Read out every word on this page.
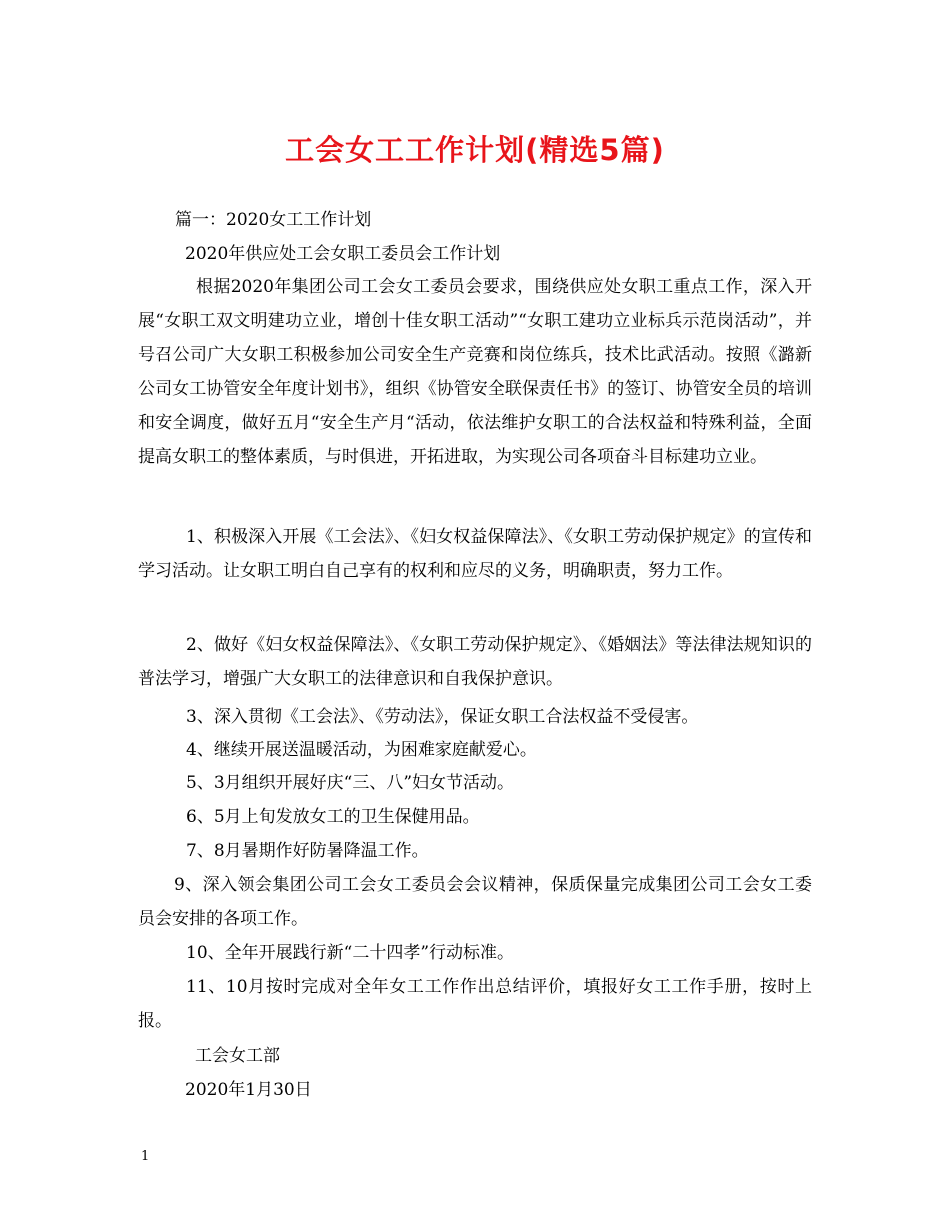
工会女工工作计划(精选5篇)
篇一：2020女工工作计划
2020年供应处工会女职工委员会工作计划
根据2020年集团公司工会女工委员会要求，围绕供应处女职工重点工作，深入开展“女职工双文明建功立业，增创十佳女职工活动”“女职工建功立业标兵示范岗活动”，并号召公司广大女职工积极参加公司安全生产竞赛和岗位练兵，技术比武活动。按照《潞新公司女工协管安全年度计划书》，组织《协管安全联保责任书》的签订、协管安全员的培训和安全调度，做好五月“安全生产月“活动，依法维护女职工的合法权益和特殊利益，全面提高女职工的整体素质，与时俱进，开拓进取，为实现公司各项奋斗目标建功立业。
1、积极深入开展《工会法》、《妇女权益保障法》、《女职工劳动保护规定》的宣传和学习活动。让女职工明白自己享有的权利和应尽的义务，明确职责，努力工作。
2、做好《妇女权益保障法》、《女职工劳动保护规定》、《婚姻法》等法律法规知识的普法学习，增强广大女职工的法律意识和自我保护意识。
3、深入贯彻《工会法》、《劳动法》，保证女职工合法权益不受侵害。
4、继续开展送温暖活动，为困难家庭献爱心。
5、3月组织开展好庆“三、八”妇女节活动。
6、5月上旬发放女工的卫生保健用品。
7、8月暑期作好防暑降温工作。
9、深入领会集团公司工会女工委员会会议精神，保质保量完成集团公司工会女工委员会安排的各项工作。
10、全年开展践行新“二十四孝”行动标准。
11、10月按时完成对全年女工工作作出总结评价，填报好女工工作手册，按时上报。
工会女工部
2020年1月30日
1
